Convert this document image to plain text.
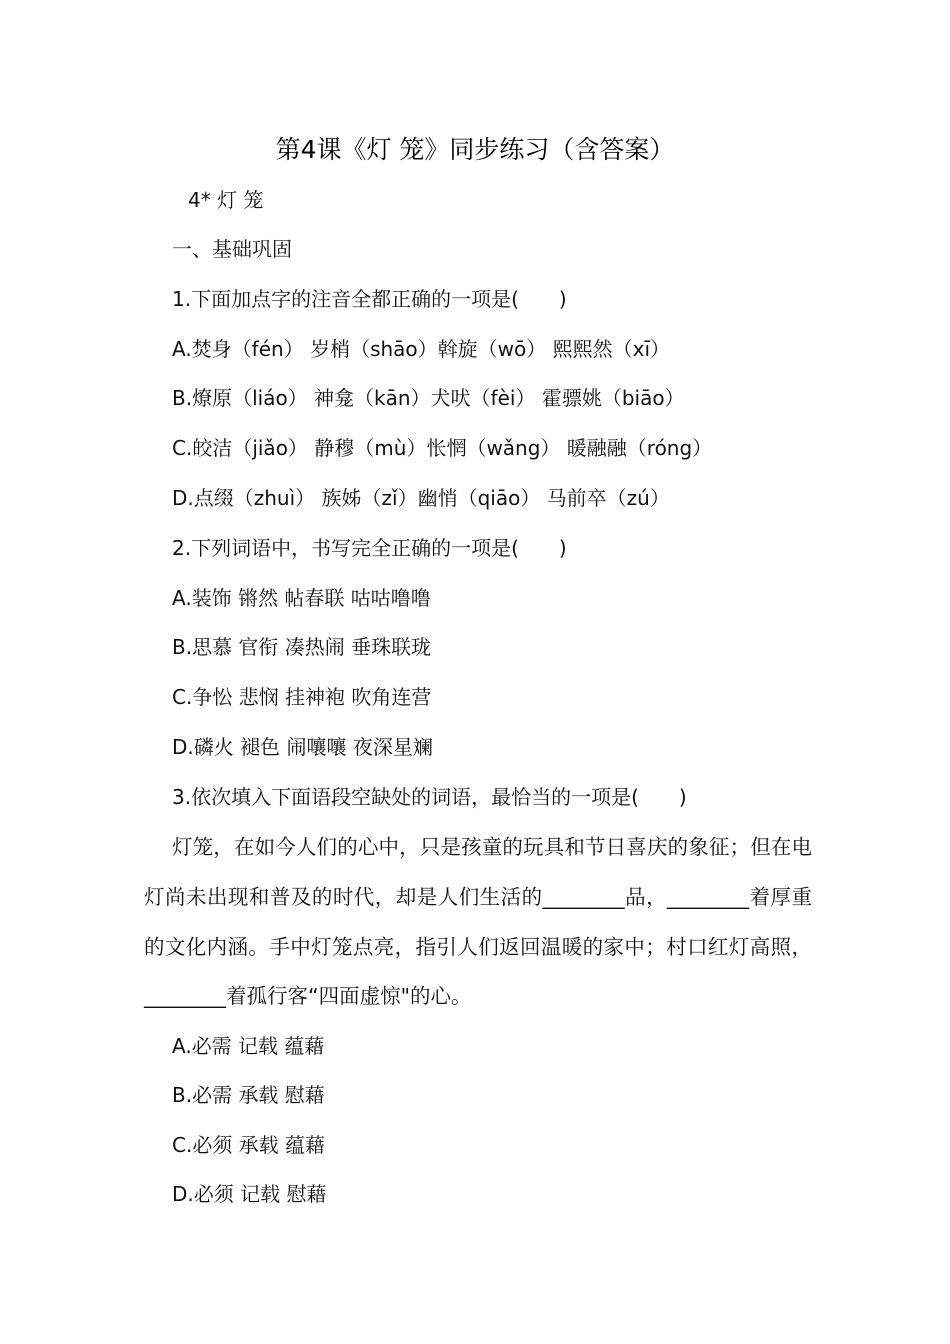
第4课《灯 笼》同步练习（含答案）
4* 灯 笼
一、基础巩固
1.下面加点字的注音全都正确的一项是(　　)
A.焚身（fén） 岁梢（shāo）斡旋（wō） 熙熙然（xī）
B.燎原（liáo） 神龛（kān）犬吠（fèi） 霍骠姚（biāo）
C.皎洁（jiǎo） 静穆（mù）怅惘（wǎng） 暖融融（róng）
D.点缀（zhuì） 族姊（zǐ）幽悄（qiāo） 马前卒（zú）
2.下列词语中，书写完全正确的一项是(　　)
A.装饰 锵然 帖春联 咕咕噜噜
B.思慕 官衔 凑热闹 垂珠联珑
C.争忪 悲悯 挂神袍 吹角连营
D.磷火 褪色 闹嚷嚷 夜深星斓
3.依次填入下面语段空缺处的词语，最恰当的一项是(　　)

灯笼，在如今人们的心中，只是孩童的玩具和节日喜庆的象征；但在电灯尚未出现和普及的时代，却是人们生活的________品，________着厚重的文化内涵。手中灯笼点亮，指引人们返回温暖的家中；村口红灯高照，________着孤行客“四面虚惊"的心。

A.必需 记载 蕴藉
B.必需 承载 慰藉
C.必须 承载 蕴藉
D.必须 记载 慰藉
